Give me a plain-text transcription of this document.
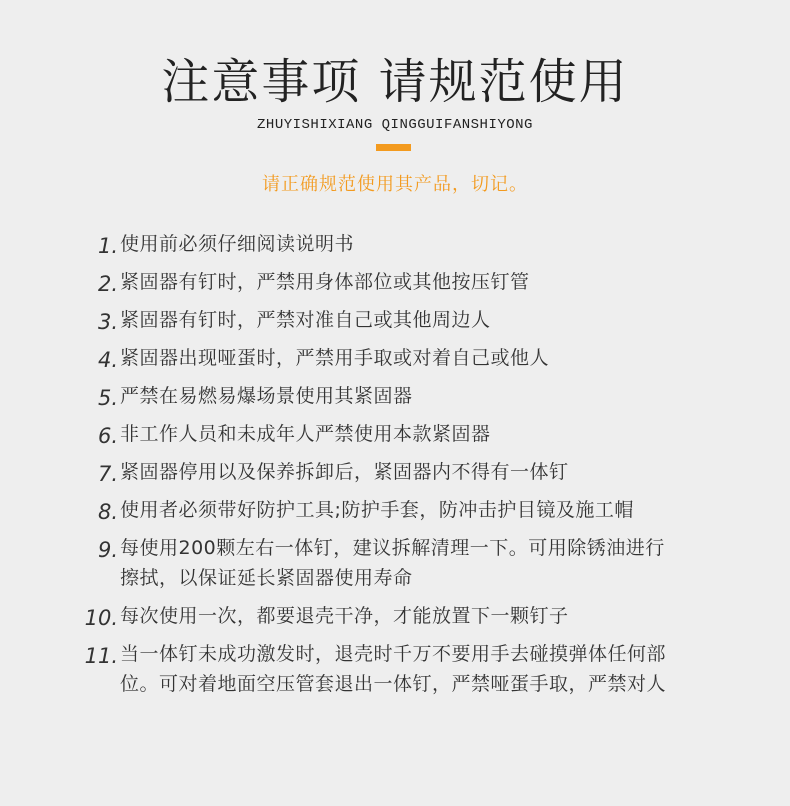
注意事项 请规范使用
ZHUYISHIXIANG QINGGUIFANSHIYONG
请正确规范使用其产品，切记。
1. 使用前必须仔细阅读说明书
2. 紧固器有钉时，严禁用身体部位或其他按压钉管
3. 紧固器有钉时，严禁对准自己或其他周边人
4. 紧固器出现哑蛋时，严禁用手取或对着自己或他人
5. 严禁在易燃易爆场景使用其紧固器
6. 非工作人员和未成年人严禁使用本款紧固器
7. 紧固器停用以及保养拆卸后，紧固器内不得有一体钉
8. 使用者必须带好防护工具;防护手套，防冲击护目镜及施工帽
9. 每使用200颗左右一体钉，建议拆解清理一下。可用除锈油进行
擦拭，以保证延长紧固器使用寿命
10. 每次使用一次，都要退壳干净，才能放置下一颗钉子
11. 当一体钉未成功激发时，退壳时千万不要用手去碰摸弹体任何部
位。可对着地面空压管套退出一体钉，严禁哑蛋手取，严禁对人
